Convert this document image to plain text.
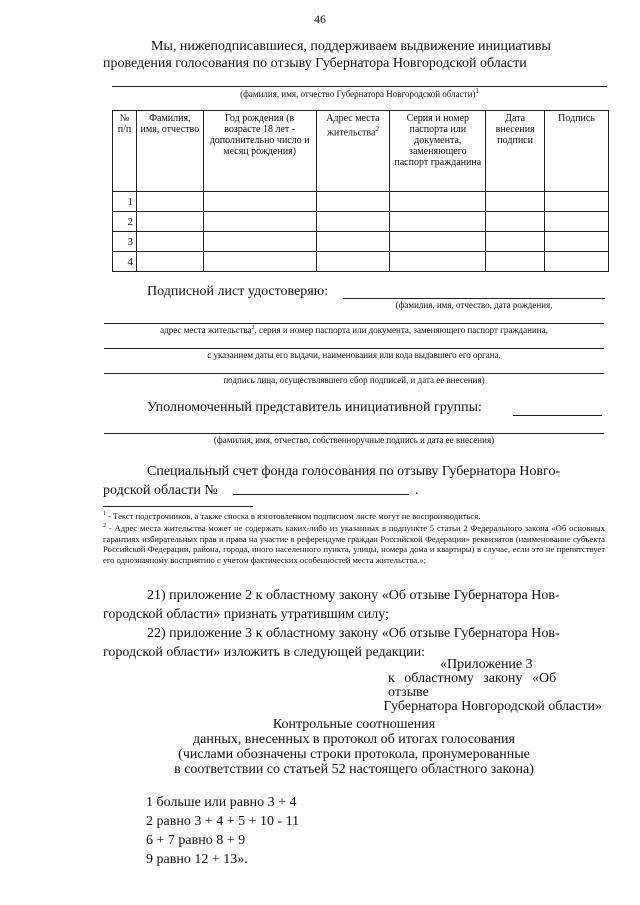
46
Мы, нижеподписавшиеся, поддерживаем выдвижение инициативы
проведения голосования по отзыву Губернатора Новгородской области
(фамилия, имя, отчество Губернатора Новгородской области)$^1$
№ п/п	Фамилия, имя, отчество	Год рождения (в возрасте 18 лет - дополнительно число и месяц рождения)	Адрес места жительства$^2$	Серия и номер паспорта или документа, заменяющего паспорт гражданина	Дата внесения подписи	Подпись
1						
2						
3						
4						
Подписной лист удостоверяю:
(фамилия, имя, отчество, дата рождения,
адрес места жительства$^2$, серия и номер паспорта или документа, заменяющего паспорт гражданина,
с указанием даты его выдачи, наименования или кода выдавшего его органа,
подпись лица, осуществлявшего сбор подписей, и дата ее внесения)
Уполномоченный представитель инициативной группы:
(фамилия, имя, отчество, собственноручные подпись и дата ее внесения)
Специальный счет фонда голосования по отзыву Губернатора Новго-
родской области №	.
$^1$ - Текст подстрочников, а также сноска в изготовленном подписном листе могут не воспроизводиться.
$^2$ - Адрес места жительства может не содержать каких-либо из указанных в подпункте 5 статьи 2 Федерального закона «Об основных гарантиях избирательных прав и права на участие в референдуме граждан Российской Федерации» реквизитов (наименование субъекта Российской Федерации, района, города, иного населенного пункта, улицы, номера дома и квартиры) в случае, если это не препятствует его однозначному восприятию с учетом фактических особенностей места жительства.»;
21) приложение 2 к областному закону «Об отзыве Губернатора Нов-
городской области» признать утратившим силу;
22) приложение 3 к областному закону «Об отзыве Губернатора Нов-
городской области» изложить в следующей редакции:
«Приложение 3
к областному закону «Об отзыве
Губернатора Новгородской области»
Контрольные соотношения
данных, внесенных в протокол об итогах голосования
(числами обозначены строки протокола, пронумерованные
в соответствии со статьей 52 настоящего областного закона)
1 больше или равно 3 + 4
2 равно 3 + 4 + 5 + 10 - 11
6 + 7 равно 8 + 9
9 равно 12 + 13».
